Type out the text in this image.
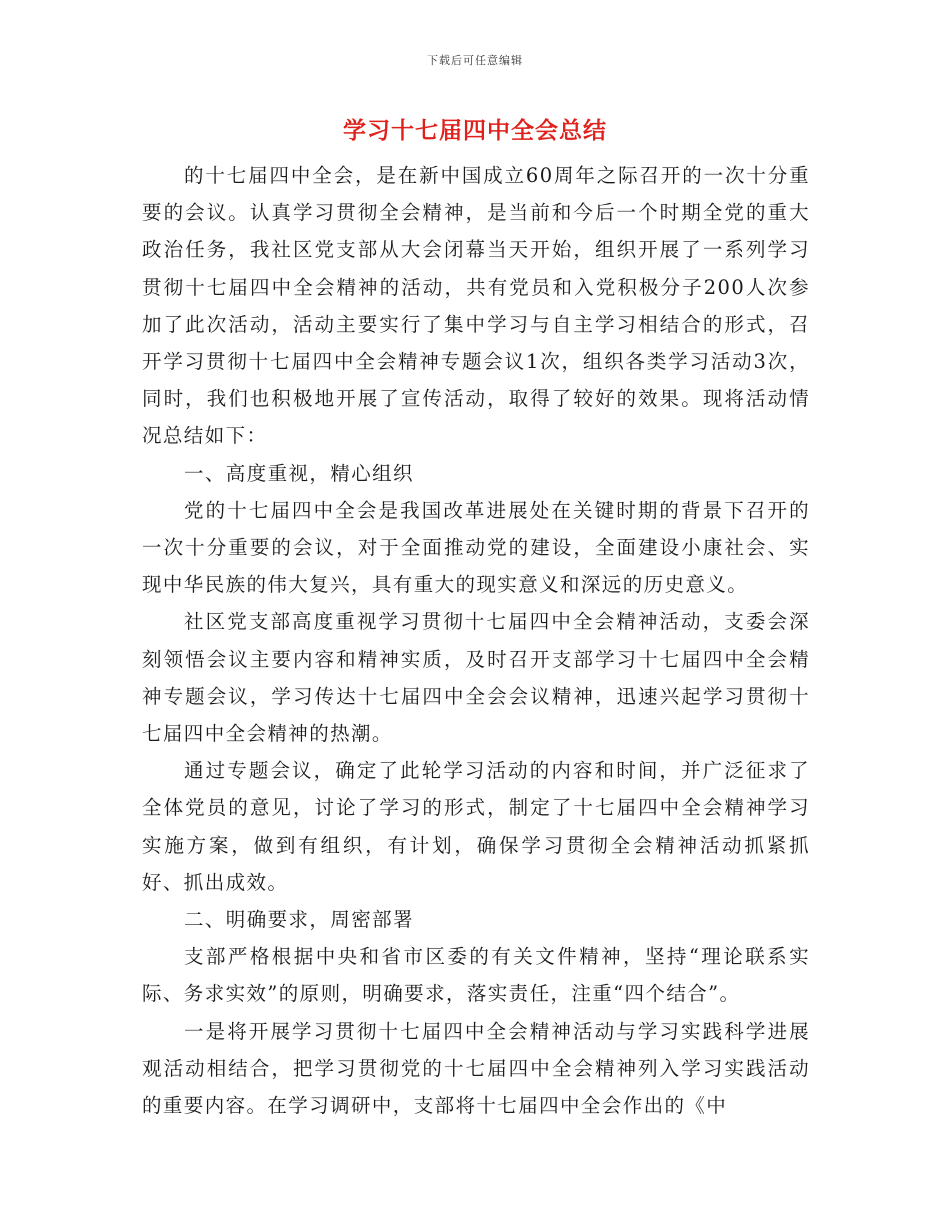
下载后可任意编辑
学习十七届四中全会总结

的十七届四中全会，是在新中国成立60周年之际召开的一次十分重要的会议。认真学习贯彻全会精神，是当前和今后一个时期全党的重大政治任务，我社区党支部从大会闭幕当天开始，组织开展了一系列学习贯彻十七届四中全会精神的活动，共有党员和入党积极分子200人次参加了此次活动，活动主要实行了集中学习与自主学习相结合的形式，召开学习贯彻十七届四中全会精神专题会议1次，组织各类学习活动3次，同时，我们也积极地开展了宣传活动，取得了较好的效果。现将活动情况总结如下：

一、高度重视，精心组织

党的十七届四中全会是我国改革进展处在关键时期的背景下召开的一次十分重要的会议，对于全面推动党的建设，全面建设小康社会、实现中华民族的伟大复兴，具有重大的现实意义和深远的历史意义。

社区党支部高度重视学习贯彻十七届四中全会精神活动，支委会深刻领悟会议主要内容和精神实质，及时召开支部学习十七届四中全会精神专题会议，学习传达十七届四中全会会议精神，迅速兴起学习贯彻十七届四中全会精神的热潮。

通过专题会议，确定了此轮学习活动的内容和时间，并广泛征求了全体党员的意见，讨论了学习的形式，制定了十七届四中全会精神学习实施方案，做到有组织，有计划，确保学习贯彻全会精神活动抓紧抓好、抓出成效。

二、明确要求，周密部署

支部严格根据中央和省市区委的有关文件精神，坚持“理论联系实际、务求实效”的原则，明确要求，落实责任，注重“四个结合”。

一是将开展学习贯彻十七届四中全会精神活动与学习实践科学进展观活动相结合，把学习贯彻党的十七届四中全会精神列入学习实践活动的重要内容。在学习调研中，支部将十七届四中全会作出的《中
